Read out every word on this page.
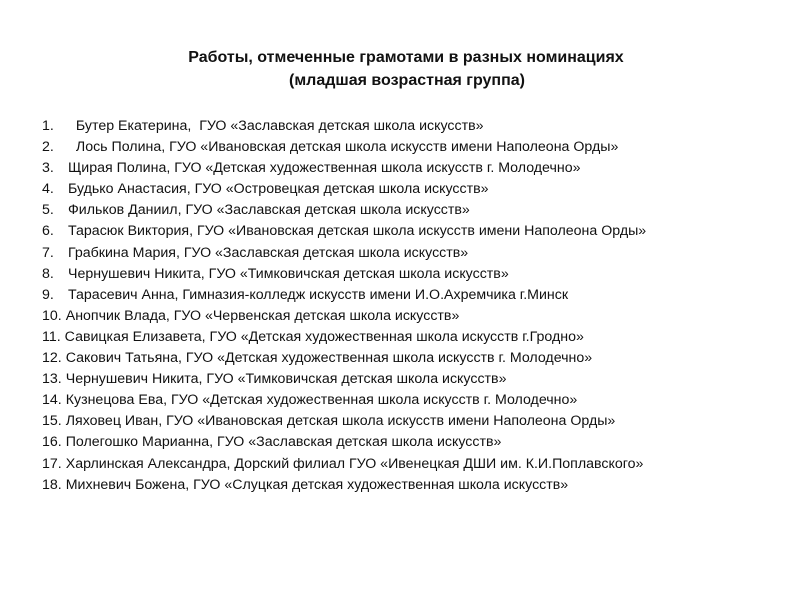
Работы, отмеченные грамотами в разных номинациях
(младшая возрастная группа)
1. Бутер Екатерина,  ГУО «Заславская детская школа искусств»
2. Лось Полина, ГУО «Ивановская детская школа искусств имени Наполеона Орды»
3. Щирая Полина, ГУО «Детская художественная школа искусств г. Молодечно»
4. Будько Анастасия, ГУО «Островецкая детская школа искусств»
5. Фильков Даниил, ГУО «Заславская детская школа искусств»
6. Тарасюк Виктория, ГУО «Ивановская детская школа искусств имени Наполеона Орды»
7. Грабкина Мария, ГУО «Заславская детская школа искусств»
8. Чернушевич Никита, ГУО «Тимковичская детская школа искусств»
9. Тарасевич Анна, Гимназия-колледж искусств имени И.О.Ахремчика г.Минск
10. Анопчик Влада, ГУО «Червенская детская школа искусств»
11. Савицкая Елизавета, ГУО «Детская художественная школа искусств г.Гродно»
12. Сакович Татьяна, ГУО «Детская художественная школа искусств г. Молодечно»
13. Чернушевич Никита, ГУО «Тимковичская детская школа искусств»
14. Кузнецова Ева, ГУО «Детская художественная школа искусств г. Молодечно»
15. Ляховец Иван, ГУО «Ивановская детская школа искусств имени Наполеона Орды»
16. Полегошко Марианна, ГУО «Заславская детская школа искусств»
17. Харлинская Александра, Дорский филиал ГУО «Ивенецкая ДШИ им. К.И.Поплавского»
18. Михневич Божена, ГУО «Слуцкая детская художественная школа искусств»
